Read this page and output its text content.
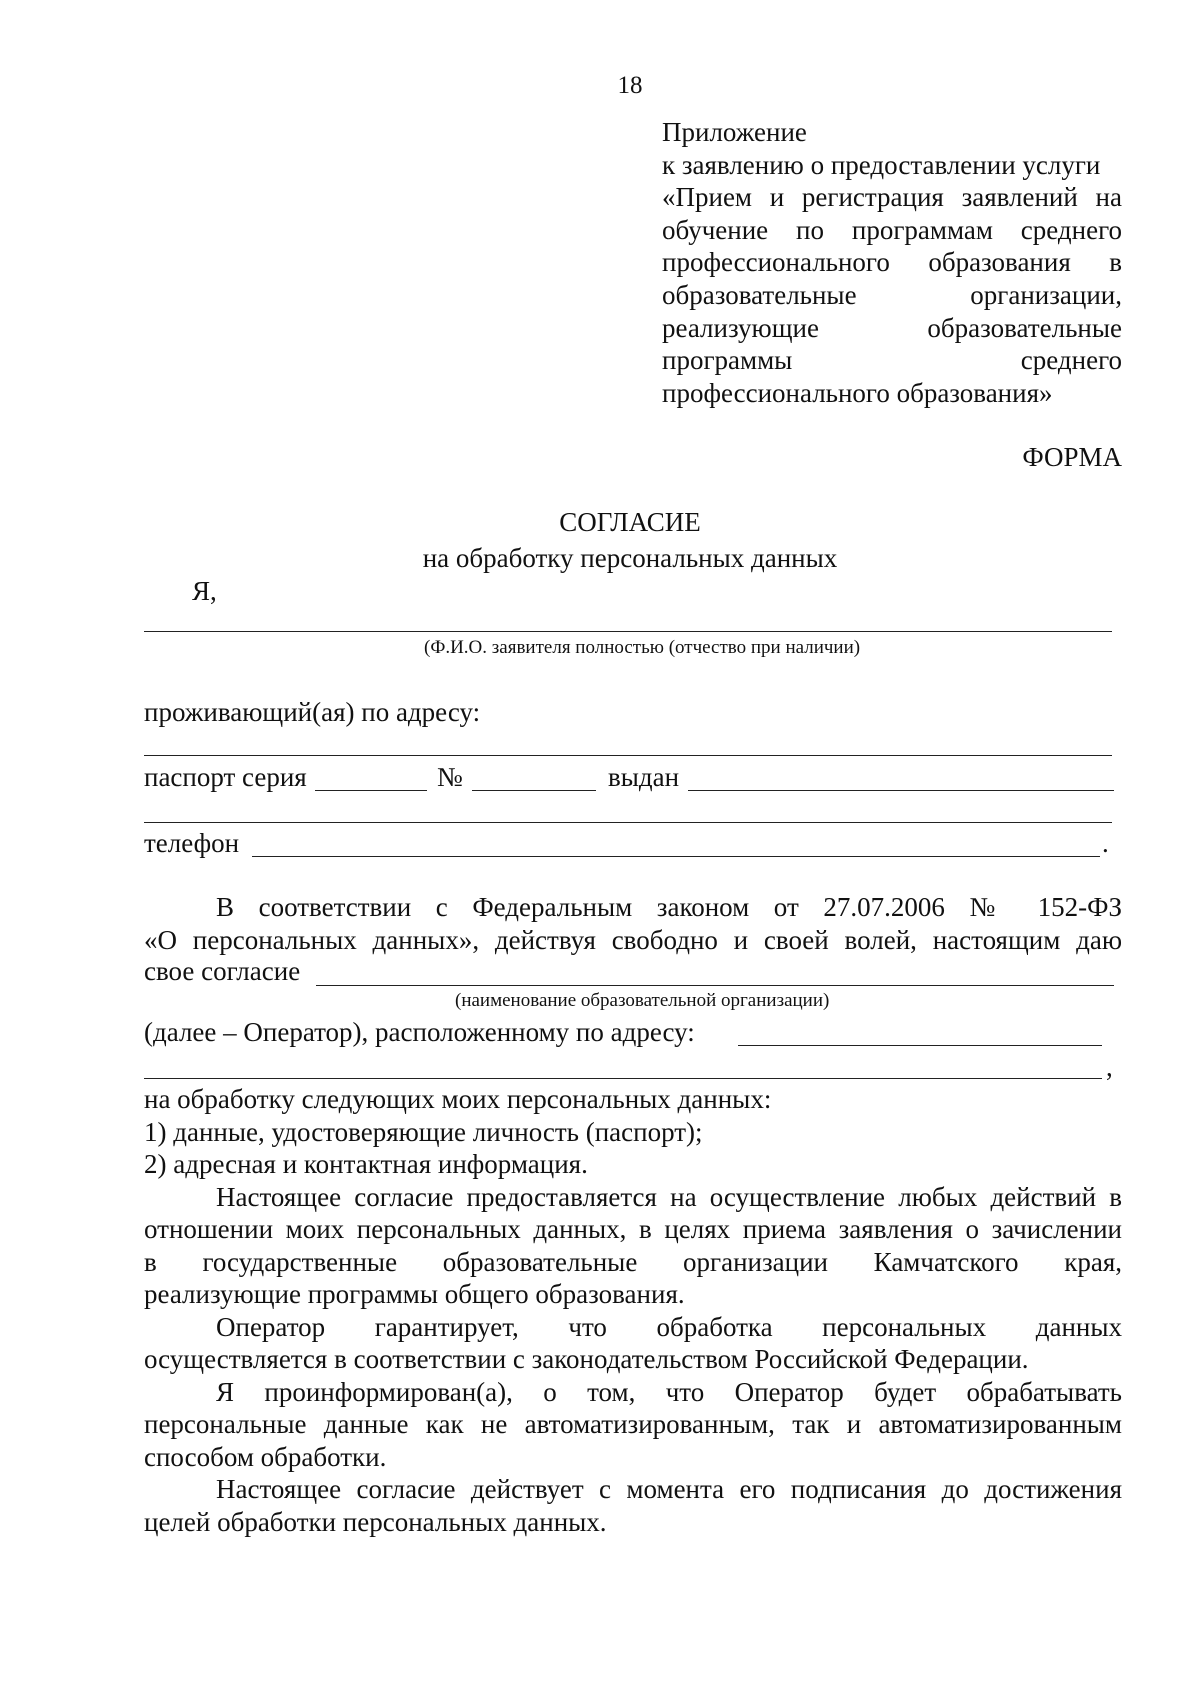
18
Приложение
к заявлению о предоставлении услуги
«Прием и регистрация заявлений на
обучение по программам среднего
профессионального образования в
образовательные организации,
реализующие образовательные
программы среднего
профессионального образования»
ФОРМА
СОГЛАСИЕ
на обработку персональных данных
Я,
(Ф.И.О. заявителя полностью (отчество при наличии)
проживающий(ая) по адресу:
паспорт серия	№	выдан
телефон	.
В соответствии с Федеральным законом от 27.07.2006 № 152-ФЗ
«О персональных данных», действуя свободно и своей волей, настоящим даю
свое согласие
(наименование образовательной организации)
(далее – Оператор), расположенному по адресу:
,
на обработку следующих моих персональных данных:
1) данные, удостоверяющие личность (паспорт);
2) адресная и контактная информация.
Настоящее согласие предоставляется на осуществление любых действий в
отношении моих персональных данных, в целях приема заявления о зачислении
в государственные образовательные организации Камчатского края,
реализующие программы общего образования.
Оператор гарантирует, что обработка персональных данных
осуществляется в соответствии с законодательством Российской Федерации.
Я проинформирован(а), о том, что Оператор будет обрабатывать
персональные данные как не автоматизированным, так и автоматизированным
способом обработки.
Настоящее согласие действует с момента его подписания до достижения
целей обработки персональных данных.
